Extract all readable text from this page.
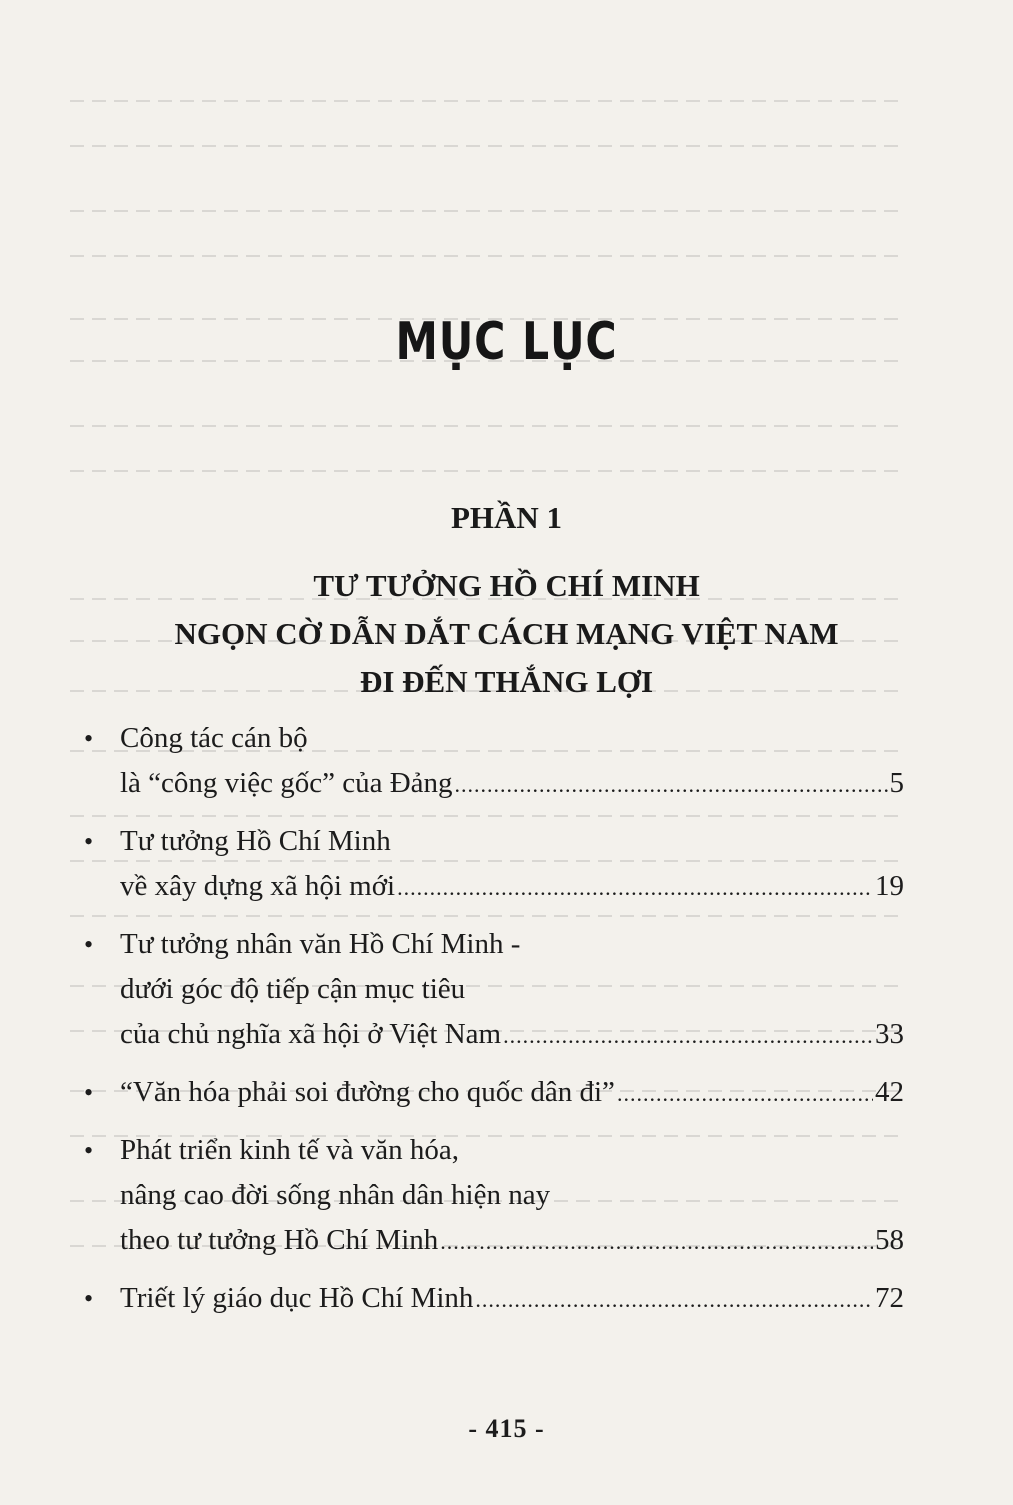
MỤC LỤC
PHẦN 1
TƯ TƯỞNG HỒ CHÍ MINH
NGỌN CỜ DẪN DẮT CÁCH MẠNG VIỆT NAM
ĐI ĐẾN THẮNG LỢI
• Công tác cán bộ
là “công việc gốc” của Đảng .....	5
• Tư tưởng Hồ Chí Minh
về xây dựng xã hội mới .....	19
• Tư tưởng nhân văn Hồ Chí Minh -
dưới góc độ tiếp cận mục tiêu
của chủ nghĩa xã hội ở Việt Nam .....	33
• “Văn hóa phải soi đường cho quốc dân đi” .....	42
• Phát triển kinh tế và văn hóa,
nâng cao đời sống nhân dân hiện nay
theo tư tưởng Hồ Chí Minh .....	58
• Triết lý giáo dục Hồ Chí Minh .....	72
- 415 -
